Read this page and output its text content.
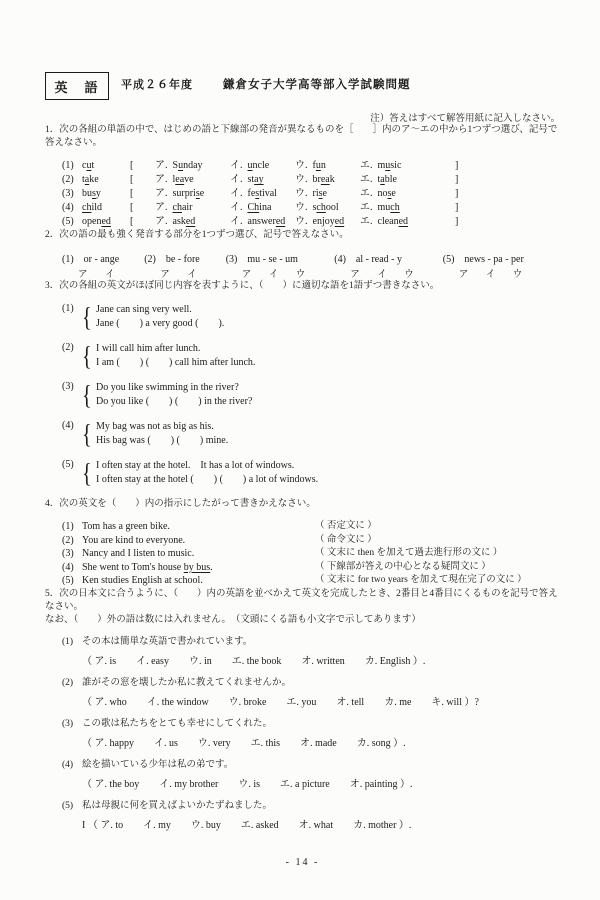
英　語 平成２６年度	鎌倉女子大学高等部入学試験問題
注）答えはすべて解答用紙に記入しなさい。

1．次の各組の単語の中で、はじめの語と下線部の発音が異なるものを［　　］内のア〜エの中から1つずつ選び、記号で答えなさい。

(1) cut	[	ア. Sunday	イ. uncle	ウ. fun	エ. music	]
(2) take	[	ア. leave	イ. stay	ウ. break	エ. table	]
(3) busy	[	ア. surprise	イ. festival	ウ. rise	エ. nose	]
(4) child	[	ア. chair	イ. China	ウ. school	エ. much	]
(5) opened	[	ア. asked	イ. answered ウ. enjoyed	エ. cleaned	]

2．次の語の最も強く発音する部分を1つずつ選び、記号で答えなさい。

(1)　or - ange
ア　イ
(2)　be - fore
ア　イ
(3)　mu - se - um
ア　イ　ウ
(4)　al - read - y
ア　イ　ウ
(5)　news - pa - per
ア　イ　ウ

3．次の各組の英文がほぼ同じ内容を表すように、（　　）に適切な語を1語ずつ書きなさい。

(1) { Jane can sing very well.
Jane (　　) a very good (　　).
(2) { I will call him after lunch.
I am (　　) (　　) call him after lunch.
(3) { Do you like swimming in the river?
Do you like (　　) (　　) in the river?
(4) { My bag was not as big as his.
His bag was (　　) (　　) mine.
(5) { I often stay at the hotel.　It has a lot of windows.
I often stay at the hotel (　　) (　　) a lot of windows.

4．次の英文を（　　）内の指示にしたがって書きかえなさい。

(1) Tom has a green bike.	（ 否定文に ）
(2) You are kind to everyone.	（ 命令文に ）
(3) Nancy and I listen to music.	（ 文末に then を加えて過去進行形の文に ）
(4) She went to Tom's house by bus.	（ 下線部が答えの中心となる疑問文に ）
(5) Ken studies English at school.	（ 文末に for two years を加えて現在完了の文に ）

5．次の日本文に合うように、（　　）内の英語を並べかえて英文を完成したとき、2番目と4番目にくるものを記号で答えなさい。

なお、（　　）外の語は数には入れません。　（文頭にくる語も小文字で示してあります）

(1) その本は簡単な英語で書かれています。
（ ア. is　　イ. easy　　ウ. in　　エ. the book　　オ. written　　カ. English ）.
(2) 誰がその窓を壊したか私に教えてくれませんか。
（ ア. who　　イ. the window　　ウ. broke　　エ. you　　オ. tell　　カ. me　　キ. will ）?
(3) この歌は私たちをとても幸せにしてくれた。
（ ア. happy　　イ. us　　ウ. very　　エ. this　　オ. made　　カ. song ）.
(4) 絵を描いている少年は私の弟です。
（ ア. the boy　　イ. my brother　　ウ. is　　エ. a picture　　オ. painting ）.
(5) 私は母親に何を買えばよいかたずねました。
I （ ア. to　　イ. my　　ウ. buy　　エ. asked　　オ. what　　カ. mother ）.
- 14 -
